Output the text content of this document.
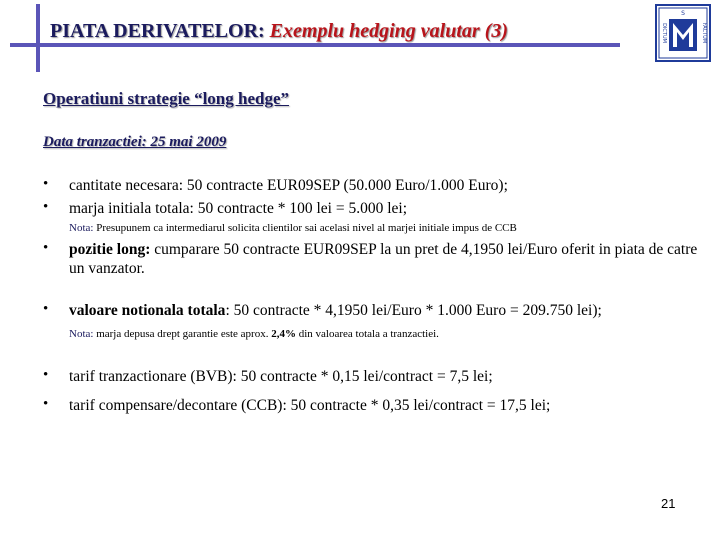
PIATA DERIVATELOR: Exemplu hedging valutar (3)
S
DICTUM	FACTUM
Operatiuni strategie “long hedge”
Data tranzactiei: 25 mai 2009
• cantitate necesara: 50 contracte EUR09SEP (50.000 Euro/1.000 Euro);
• marja initiala totala: 50 contracte * 100 lei = 5.000 lei;
Nota: Presupunem ca intermediarul solicita clientilor sai acelasi nivel al marjei initiale impus de CCB
• pozitie long: cumparare 50 contracte EUR09SEP la un pret de 4,1950 lei/Euro oferit in piata de catre un vanzator.
• valoare notionala totala: 50 contracte * 4,1950 lei/Euro * 1.000 Euro = 209.750 lei);
Nota: marja depusa drept garantie este aprox. 2,4% din valoarea totala a tranzactiei.
• tarif tranzactionare (BVB): 50 contracte * 0,15 lei/contract = 7,5 lei;
• tarif compensare/decontare (CCB): 50 contracte * 0,35 lei/contract = 17,5 lei;
21
